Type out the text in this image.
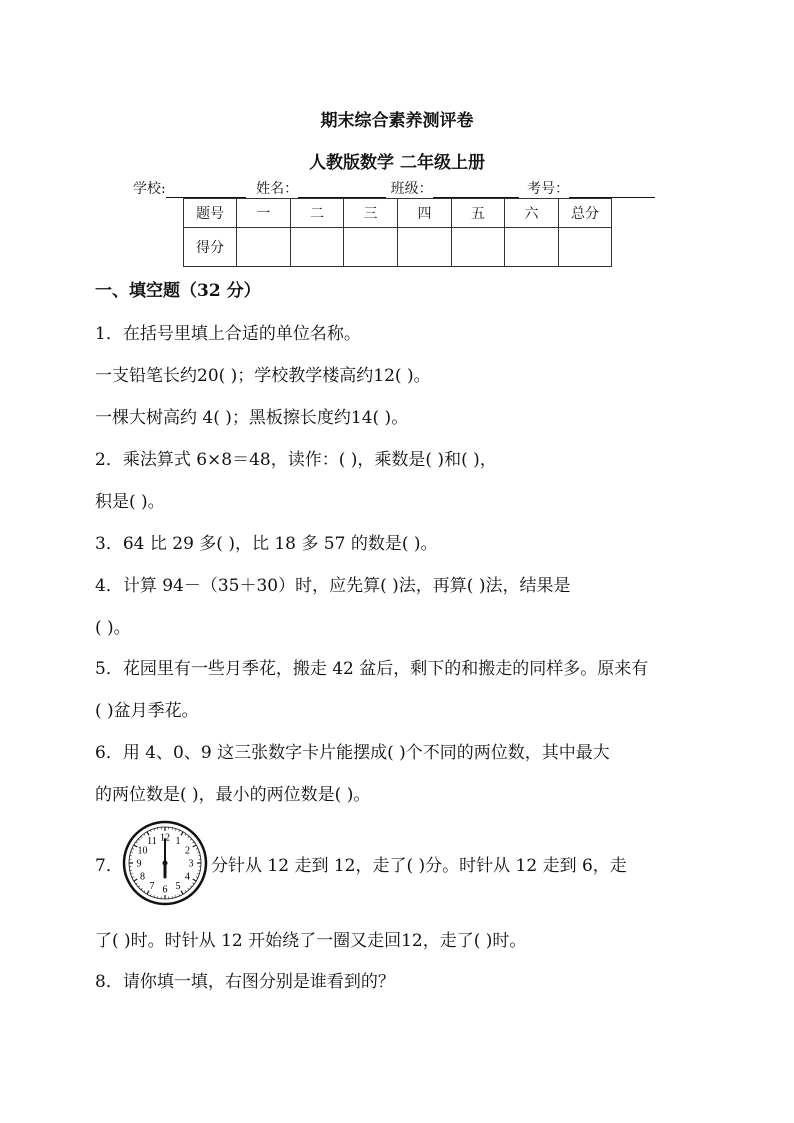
期末综合素养测评卷
人教版数学 二年级上册
学校:	姓名：	班级：	考号：
题号	一	二	三	四	五	六	总分
得分							
一、填空题（32 分）
1．在括号里填上合适的单位名称。
一支铅笔长约20( )；学校教学楼高约12( )。
一棵大树高约 4( )；黑板擦长度约14( )。
2．乘法算式 6×8＝48，读作：( )，乘数是( )和( )，
积是( )。
3．64 比 29 多( )，比 18 多 57 的数是( )。
4．计算 94－（35＋30）时，应先算( )法，再算( )法，结果是
( )。
5．花园里有一些月季花，搬走 42 盆后，剩下的和搬走的同样多。原来有
( )盆月季花。
6．用 4、0、9 这三张数字卡片能摆成( )个不同的两位数，其中最大
的两位数是( )，最小的两位数是( )。
7．
12 1
2
3
4
5
6
7
8
9
10
11
分针从 12 走到 12，走了( )分。时针从 12 走到 6，走
了( )时。时针从 12 开始绕了一圈又走回12，走了( )时。
8．请你填一填，右图分别是谁看到的？
